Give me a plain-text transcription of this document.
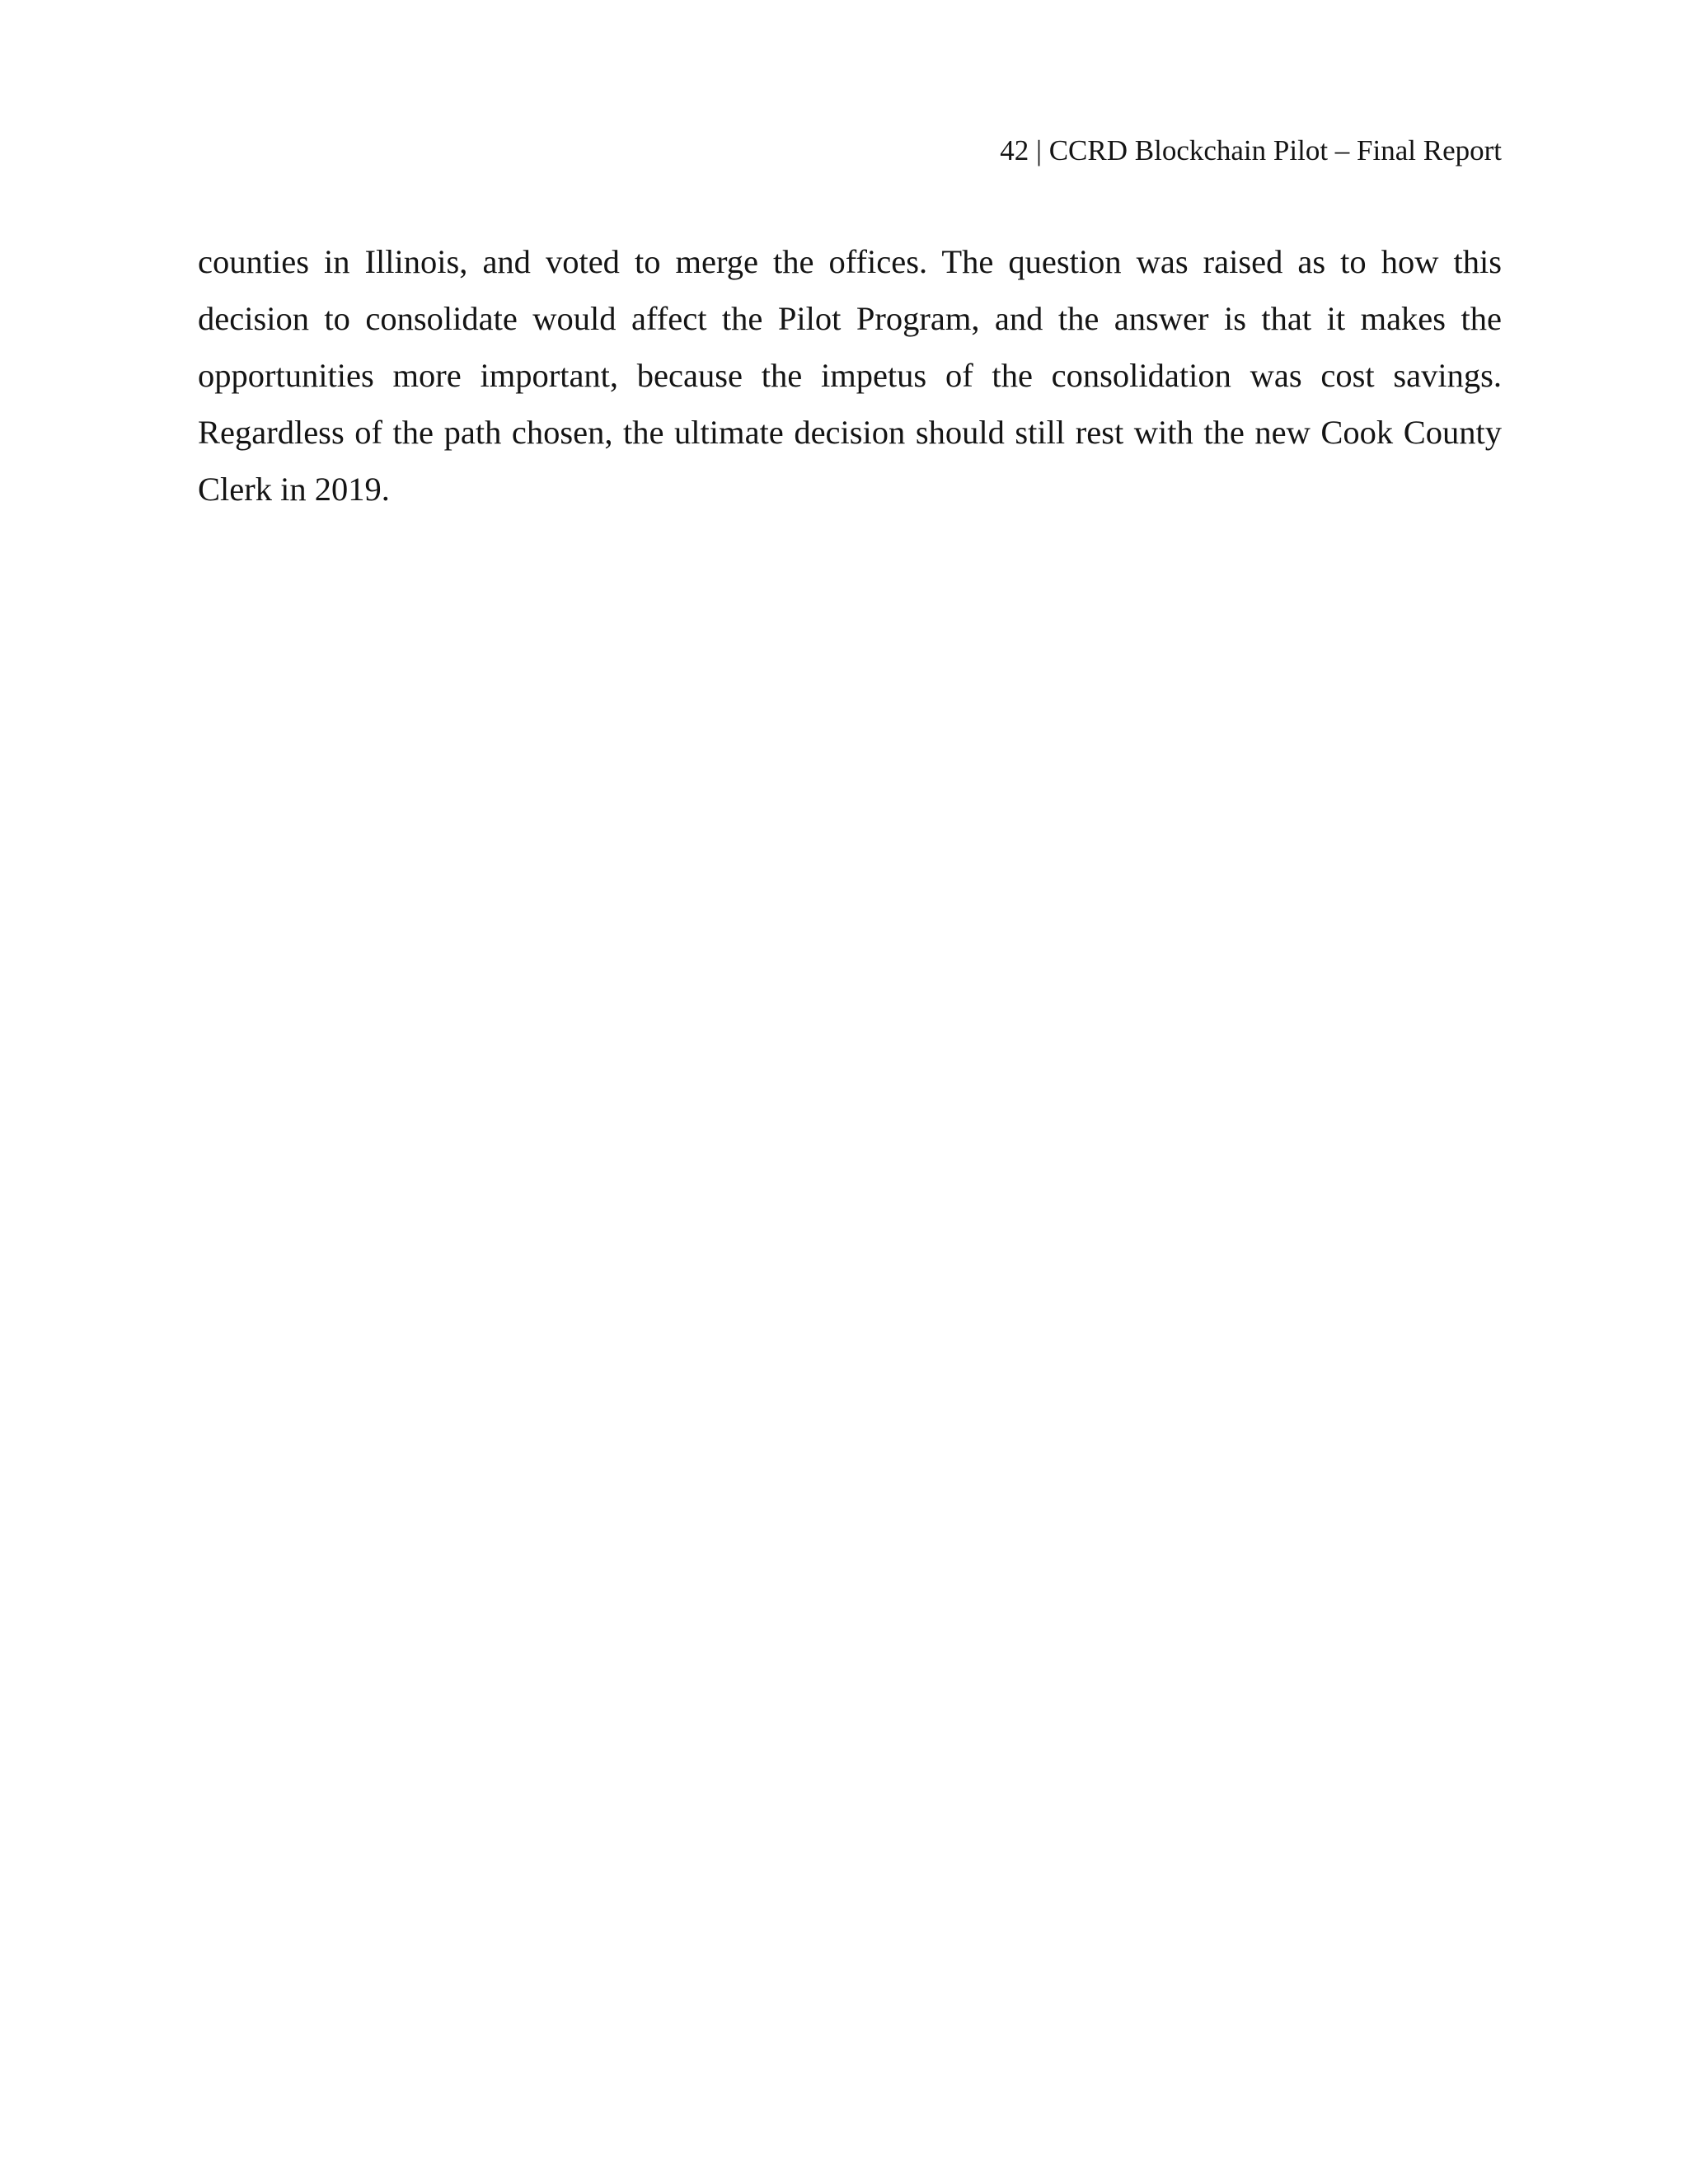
42 | CCRD Blockchain Pilot – Final Report

counties in Illinois, and voted to merge the offices. The question was raised as to how this decision to consolidate would affect the Pilot Program, and the answer is that it makes the opportunities more important, because the impetus of the consolidation was cost savings. Regardless of the path chosen, the ultimate decision should still rest with the new Cook County Clerk in 2019.
